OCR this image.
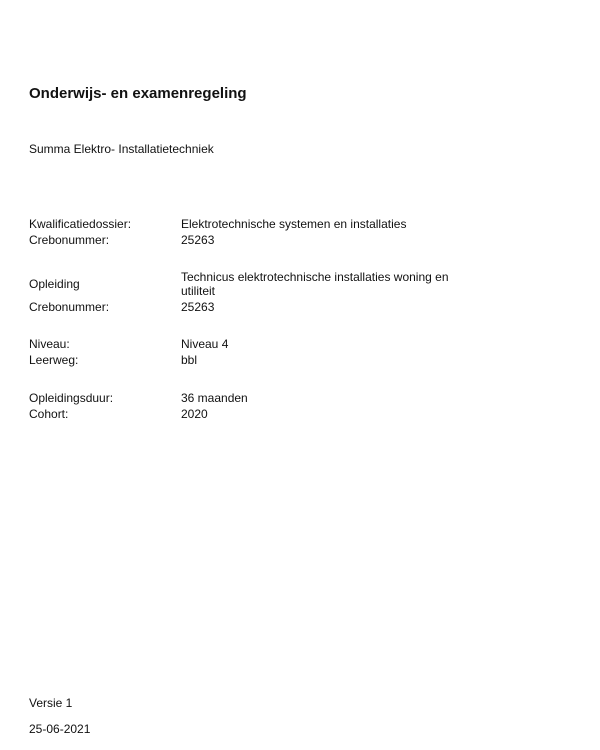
Onderwijs- en examenregeling
Summa Elektro- Installatietechniek
Kwalificatiedossier:	Elektrotechnische systemen en installaties
Crebonummer:	25263
Opleiding	Technicus elektrotechnische installaties woning en utiliteit
Crebonummer:	25263
Niveau:	Niveau 4
Leerweg:	bbl
Opleidingsduur:	36 maanden
Cohort:	2020
Versie 1
25-06-2021
